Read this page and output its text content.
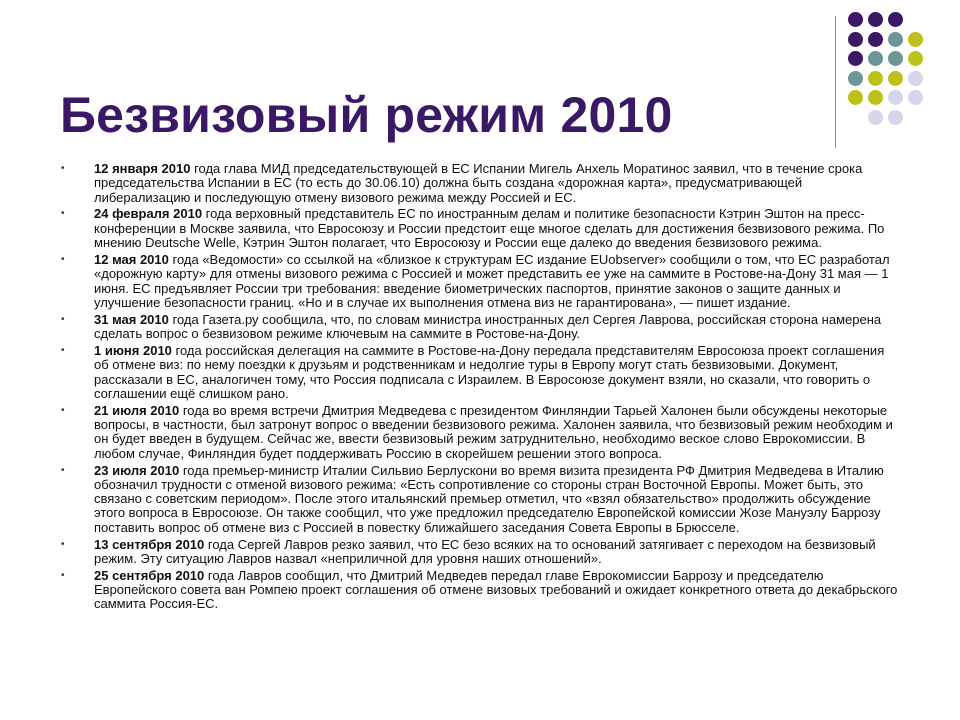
Безвизовый режим 2010
• 12 января 2010 года глава МИД председательствующей в ЕС Испании Мигель Анхель Моратинос заявил, что в течение срока председательства Испании в ЕС (то есть до 30.06.10) должна быть создана «дорожная карта», предусматривающей либерализацию и последующую отмену визового режима между Россией и ЕС.
• 24 февраля 2010 года верховный представитель ЕС по иностранным делам и политике безопасности Кэтрин Эштон на пресс-конференции в Москве заявила, что Евросоюзу и России предстоит еще многое сделать для достижения безвизового режима. По мнению Deutsche Welle, Кэтрин Эштон полагает, что Евросоюзу и России еще далеко до введения безвизового режима.
• 12 мая 2010 года «Ведомости» со ссылкой на «близкое к структурам ЕС издание EUobserver» сообщили о том, что ЕС разработал «дорожную карту» для отмены визового режима с Россией и может представить ее уже на саммите в Ростове-на-Дону 31 мая — 1 июня. ЕС предъявляет России три требования: введение биометрических паспортов, принятие законов о защите данных и улучшение безопасности границ. «Но и в случае их выполнения отмена виз не гарантирована», — пишет издание.
• 31 мая 2010 года Газета.ру сообщила, что, по словам министра иностранных дел Сергея Лаврова, российская сторона намерена сделать вопрос о безвизовом режиме ключевым на саммите в Ростове-на-Дону.
• 1 июня 2010 года российская делегация на саммите в Ростове-на-Дону передала представителям Евросоюза проект соглашения об отмене виз: по нему поездки к друзьям и родственникам и недолгие туры в Европу могут стать безвизовыми. Документ, рассказали в ЕС, аналогичен тому, что Россия подписала с Израилем. В Евросоюзе документ взяли, но сказали, что говорить о соглашении ещё слишком рано.
• 21 июля 2010 года во время встречи Дмитрия Медведева с президентом Финляндии Тарьей Халонен были обсуждены некоторые вопросы, в частности, был затронут вопрос о введении безвизового режима. Халонен заявила, что безвизовый режим необходим и он будет введен в будущем. Сейчас же, ввести безвизовый режим затруднительно, необходимо веское слово Еврокомиссии. В любом случае, Финляндия будет поддерживать Россию в скорейшем решении этого вопроса.
• 23 июля 2010 года премьер-министр Италии Сильвио Берлускони во время визита президента РФ Дмитрия Медведева в Италию обозначил трудности с отменой визового режима: «Есть сопротивление со стороны стран Восточной Европы. Может быть, это связано с советским периодом». После этого итальянский премьер отметил, что «взял обязательство» продолжить обсуждение этого вопроса в Евросоюзе. Он также сообщил, что уже предложил председателю Европейской комиссии Жозе Мануэлу Баррозу поставить вопрос об отмене виз с Россией в повестку ближайшего заседания Совета Европы в Брюсселе.
• 13 сентября 2010 года Сергей Лавров резко заявил, что ЕС безо всяких на то оснований затягивает с переходом на безвизовый режим. Эту ситуацию Лавров назвал «неприличной для уровня наших отношений».
• 25 сентября 2010 года Лавров сообщил, что Дмитрий Медведев передал главе Еврокомиссии Баррозу и председателю Европейского совета ван Ромпею проект соглашения об отмене визовых требований и ожидает конкретного ответа до декабрьского саммита Россия-ЕС.
